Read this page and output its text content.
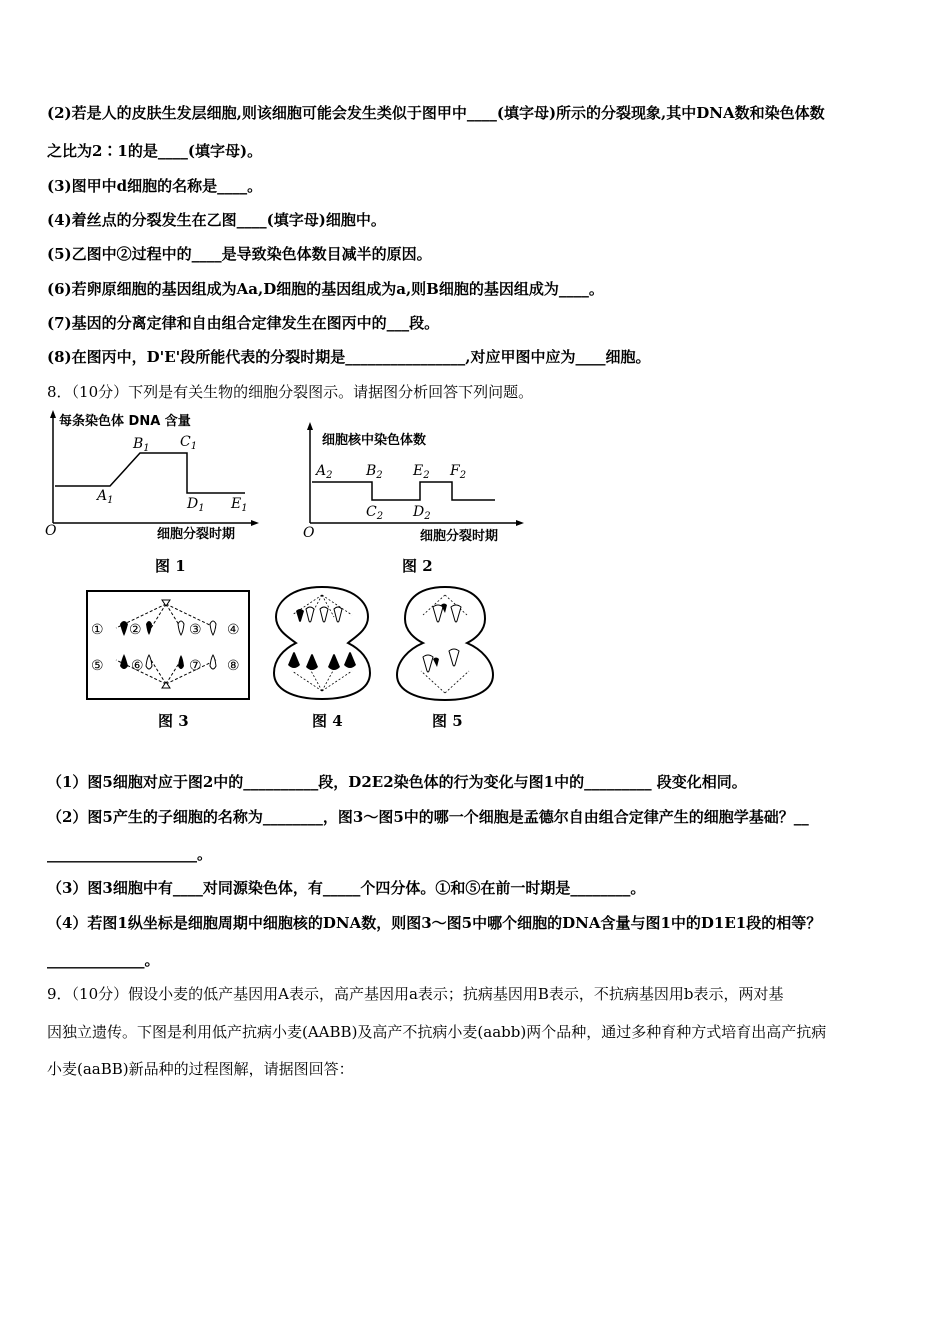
(2)若是人的皮肤生发层细胞,则该细胞可能会发生类似于图甲中____(填字母)所示的分裂现象,其中DNA数和染色体数
之比为2∶1的是____(填字母)。
(3)图甲中d细胞的名称是____。
(4)着丝点的分裂发生在乙图____(填字母)细胞中。
(5)乙图中②过程中的____是导致染色体数目减半的原因。
(6)若卵原细胞的基因组成为Aa,D细胞的基因组成为a,则B细胞的基因组成为____。
(7)基因的分离定律和自由组合定律发生在图丙中的___段。
(8)在图丙中，D'E'段所能代表的分裂时期是________________,对应甲图中应为____细胞。
8．（10分）下列是有关生物的细胞分裂图示。请据图分析回答下列问题。
每条染色体 DNA 含量
O	细胞分裂时期
$A_1$
$B_1$ $C_1$
$D_1$ $E_1$
图 1
细胞核中染色体数
O	细胞分裂时期
$A_2$ $B_2$
$C_2$ $D_2$
$E_2$ $F_2$
图 2
① ②	③ ④
⑤ ⑥	⑦ ⑧
图 3	图 4	图 5
（1）图5细胞对应于图2中的__________段，D2E2染色体的行为变化与图1中的_________ 段变化相同。
（2）图5产生的子细胞的名称为________，图3～图5中的哪一个细胞是孟德尔自由组合定律产生的细胞学基础？__
____________________。
（3）图3细胞中有____对同源染色体，有_____个四分体。①和⑤在前一时期是________。
（4）若图1纵坐标是细胞周期中细胞核的DNA数，则图3～图5中哪个细胞的DNA含量与图1中的D1E1段的相等？
_____________。
9．（10分）假设小麦的低产基因用A表示，高产基因用a表示；抗病基因用B表示，不抗病基因用b表示，两对基
因独立遗传。下图是利用低产抗病小麦(AABB)及高产不抗病小麦(aabb)两个品种，通过多种育种方式培育出高产抗病
小麦(aaBB)新品种的过程图解，请据图回答：
